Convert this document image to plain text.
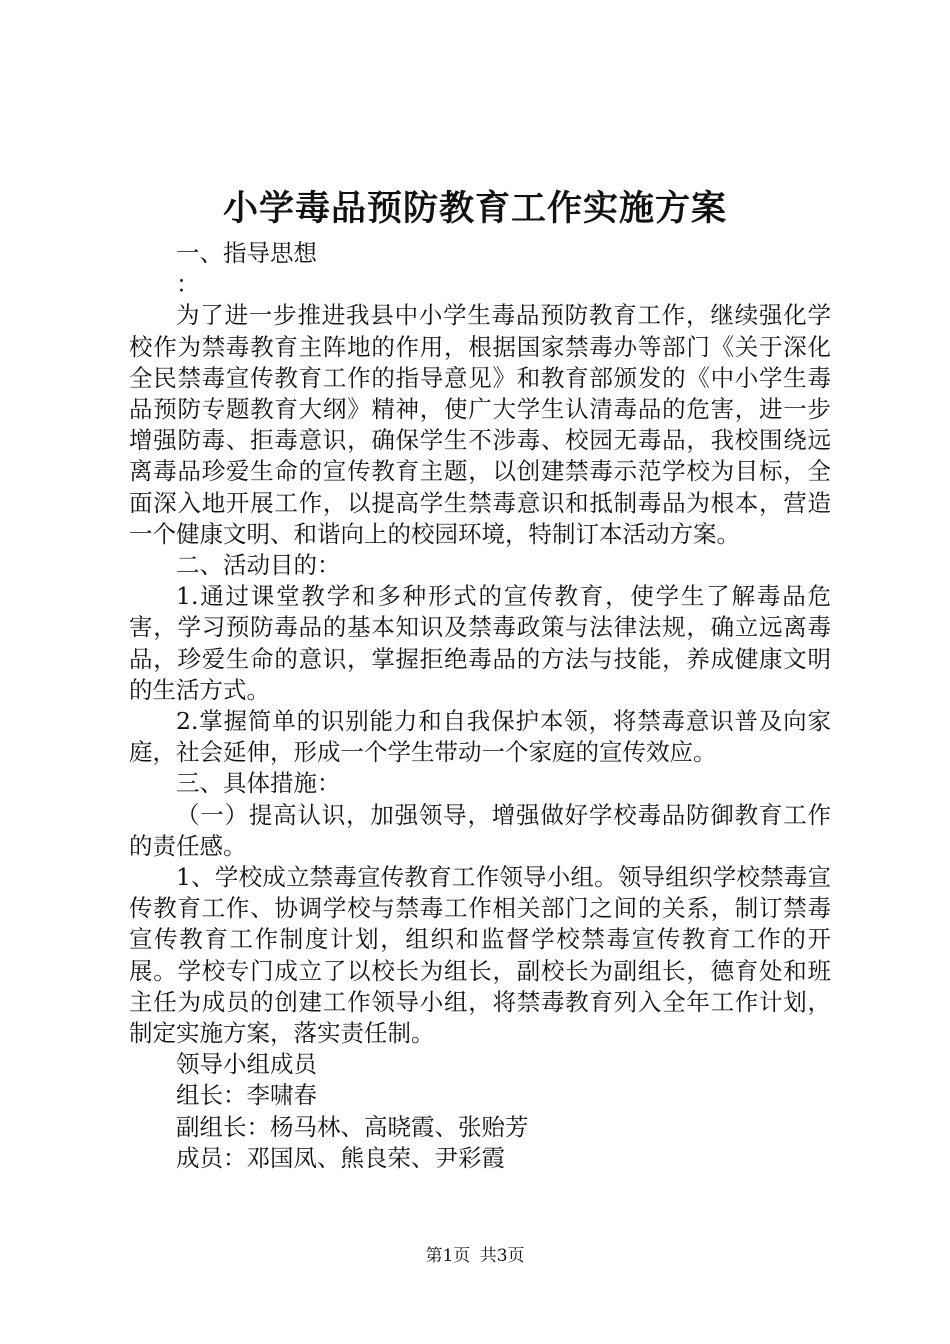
小学毒品预防教育工作实施方案

一、指导思想

：

为了进一步推进我县中小学生毒品预防教育工作，继续强化学校作为禁毒教育主阵地的作用，根据国家禁毒办等部门《关于深化全民禁毒宣传教育工作的指导意见》和教育部颁发的《中小学生毒品预防专题教育大纲》精神，使广大学生认清毒品的危害，进一步增强防毒、拒毒意识，确保学生不涉毒、校园无毒品，我校围绕远离毒品珍爱生命的宣传教育主题，以创建禁毒示范学校为目标，全面深入地开展工作，以提高学生禁毒意识和抵制毒品为根本，营造一个健康文明、和谐向上的校园环境，特制订本活动方案。

二、活动目的：

1.通过课堂教学和多种形式的宣传教育，使学生了解毒品危害，学习预防毒品的基本知识及禁毒政策与法律法规，确立远离毒品，珍爱生命的意识，掌握拒绝毒品的方法与技能，养成健康文明的生活方式。

2.掌握简单的识别能力和自我保护本领，将禁毒意识普及向家庭，社会延伸，形成一个学生带动一个家庭的宣传效应。

三、具体措施：

（一）提高认识，加强领导，增强做好学校毒品防御教育工作的责任感。

1、学校成立禁毒宣传教育工作领导小组。领导组织学校禁毒宣传教育工作、协调学校与禁毒工作相关部门之间的关系，制订禁毒宣传教育工作制度计划，组织和监督学校禁毒宣传教育工作的开展。学校专门成立了以校长为组长，副校长为副组长，德育处和班主任为成员的创建工作领导小组，将禁毒教育列入全年工作计划，制定实施方案，落实责任制。

领导小组成员

组长：李啸春

副组长：杨马林、高晓霞、张贻芳

成员：邓国凤、熊良荣、尹彩霞

第1页 共3页
